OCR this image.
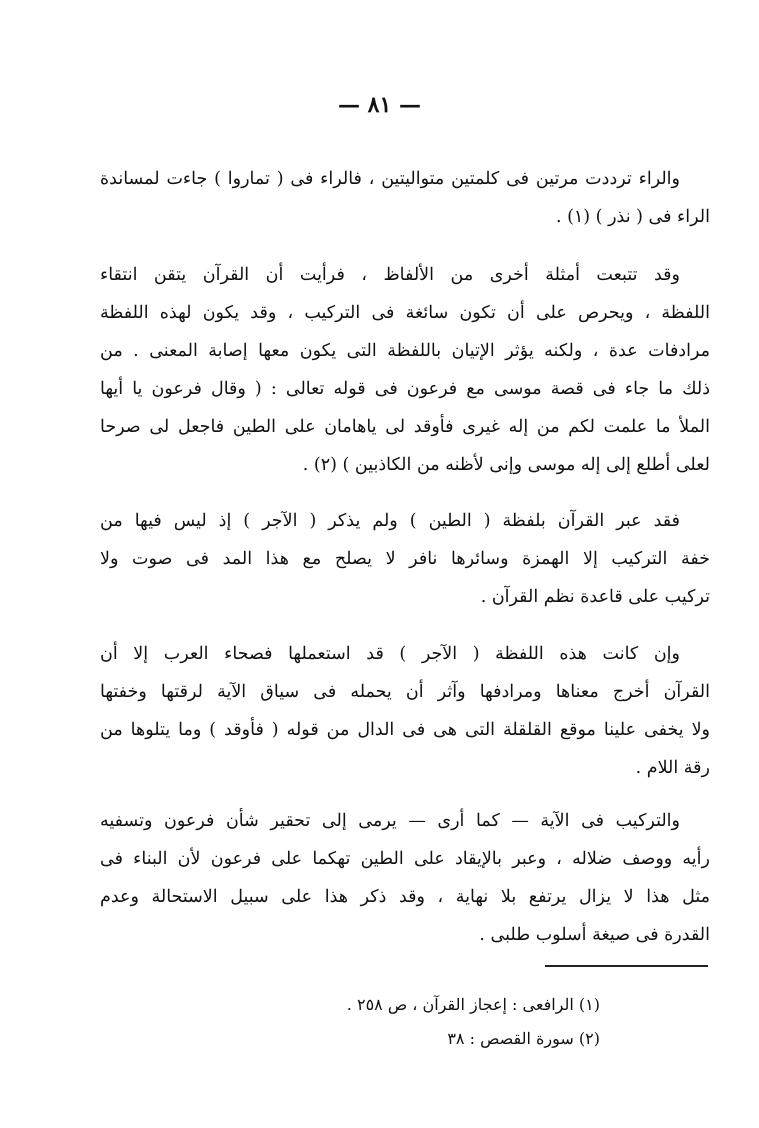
— ٨١ —

والراء ترددت مرتين فى كلمتين متواليتين ، فالراء فى ( تماروا ) جاءت لمساندة
الراء فى ( نذر ) (١) .

وقد تتبعت أمثلة أخرى من الألفاظ ، فرأيت أن القرآن يتقن انتقاء
اللفظة ، ويحرص على أن تكون سائغة فى التركيب ، وقد يكون لهذه اللفظة
مرادفات عدة ، ولكنه يؤثر الإتيان باللفظة التى يكون معها إصابة المعنى . من
ذلك ما جاء فى قصة موسى مع فرعون فى قوله تعالى : ( وقال فرعون يا أيها
الملأ ما علمت لكم من إله غيرى فأوقد لى ياهامان على الطين فاجعل لى صرحا
لعلى أطلع إلى إله موسى وإنى لأظنه من الكاذبين ) (٢) .

فقد عبر القرآن بلفظة ( الطين ) ولم يذكر ( الآجر ) إذ ليس فيها من
خفة التركيب إلا الهمزة وسائرها نافر لا يصلح مع هذا المد فى صوت ولا
تركيب على قاعدة نظم القرآن .

وإن كانت هذه اللفظة ( الآجر ) قد استعملها فصحاء العرب إلا أن
القرآن أخرج معناها ومرادفها وآثر أن يحمله فى سياق الآية لرقتها وخفتها
ولا يخفى علينا موقع القلقلة التى هى فى الدال من قوله ( فأوقد ) وما يتلوها من
رقة اللام .

والتركيب فى الآية — كما أرى — يرمى إلى تحقير شأن فرعون وتسفيه
رأيه ووصف ضلاله ، وعبر بالإيقاد على الطين تهكما على فرعون لأن البناء فى
مثل هذا لا يزال يرتفع بلا نهاية ، وقد ذكر هذا على سبيل الاستحالة وعدم
القدرة فى صيغة أسلوب طلبى .

(١) الرافعى : إعجاز القرآن ، ص ٢٥٨ .
(٢) سورة القصص : ٣٨
